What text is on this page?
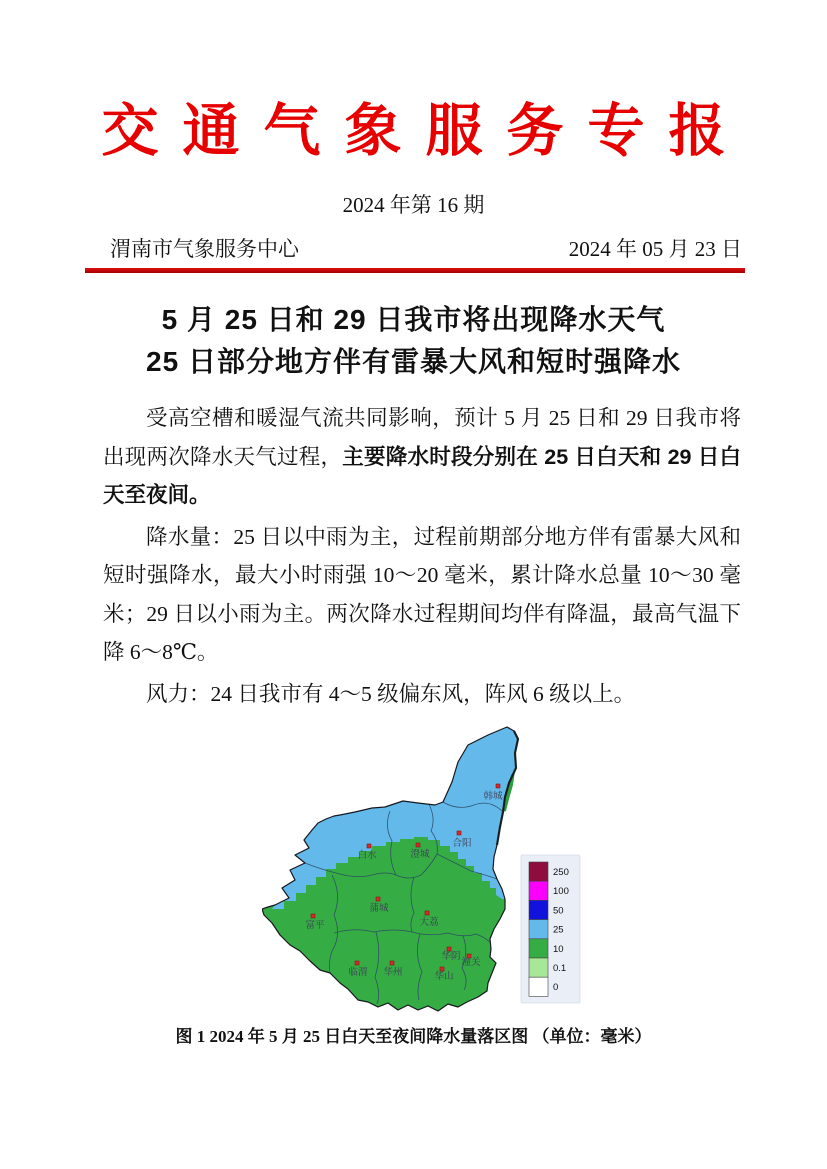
交通气象服务专报
2024 年第 16 期
渭南市气象服务中心	2024 年 05 月 23 日
5 月 25 日和 29 日我市将出现降水天气
25 日部分地方伴有雷暴大风和短时强降水

受高空槽和暖湿气流共同影响，预计 5 月 25 日和 29 日我市将出现两次降水天气过程，主要降水时段分别在 25 日白天和 29 日白天至夜间。

降水量：25 日以中雨为主，过程前期部分地方伴有雷暴大风和短时强降水，最大小时雨强 10～20 毫米，累计降水总量 10～30 毫米；29 日以小雨为主。两次降水过程期间均伴有降温，最高气温下降 6～8℃。

风力：24 日我市有 4～5 级偏东风，阵风 6 级以上。

韩城
合阳
白水	澄城
蒲城
富平	大荔
临渭 华州
华阴
潼关
华山
250
100
50
25
10
0.1
0
图 1 2024 年 5 月 25 日白天至夜间降水量落区图 （单位：毫米）
